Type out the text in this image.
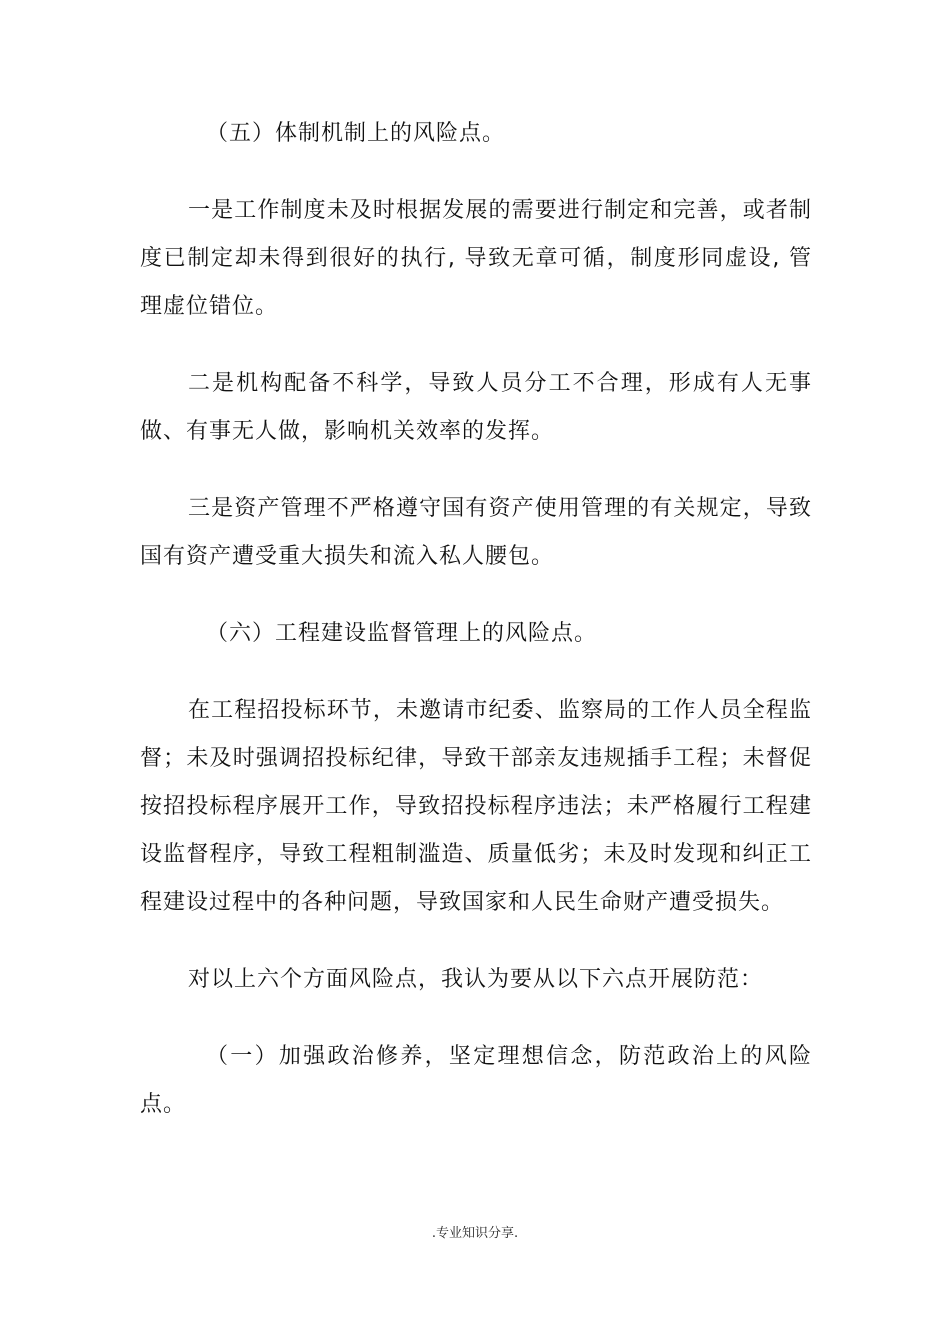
（五）体制机制上的风险点。

一是工作制度未及时根据发展的需要进行制定和完善，或者制度已制定却未得到很好的执行, 导致无章可循，制度形同虚设, 管理虚位错位。

二是机构配备不科学，导致人员分工不合理，形成有人无事做、有事无人做，影响机关效率的发挥。

三是资产管理不严格遵守国有资产使用管理的有关规定，导致国有资产遭受重大损失和流入私人腰包。

（六）工程建设监督管理上的风险点。

在工程招投标环节，未邀请市纪委、监察局的工作人员全程监督；未及时强调招投标纪律，导致干部亲友违规插手工程；未督促按招投标程序展开工作，导致招投标程序违法；未严格履行工程建设监督程序，导致工程粗制滥造、质量低劣；未及时发现和纠正工程建设过程中的各种问题，导致国家和人民生命财产遭受损失。

对以上六个方面风险点，我认为要从以下六点开展防范：

（一）加强政治修养，坚定理想信念，防范政治上的风险点。

.专业知识分享.
